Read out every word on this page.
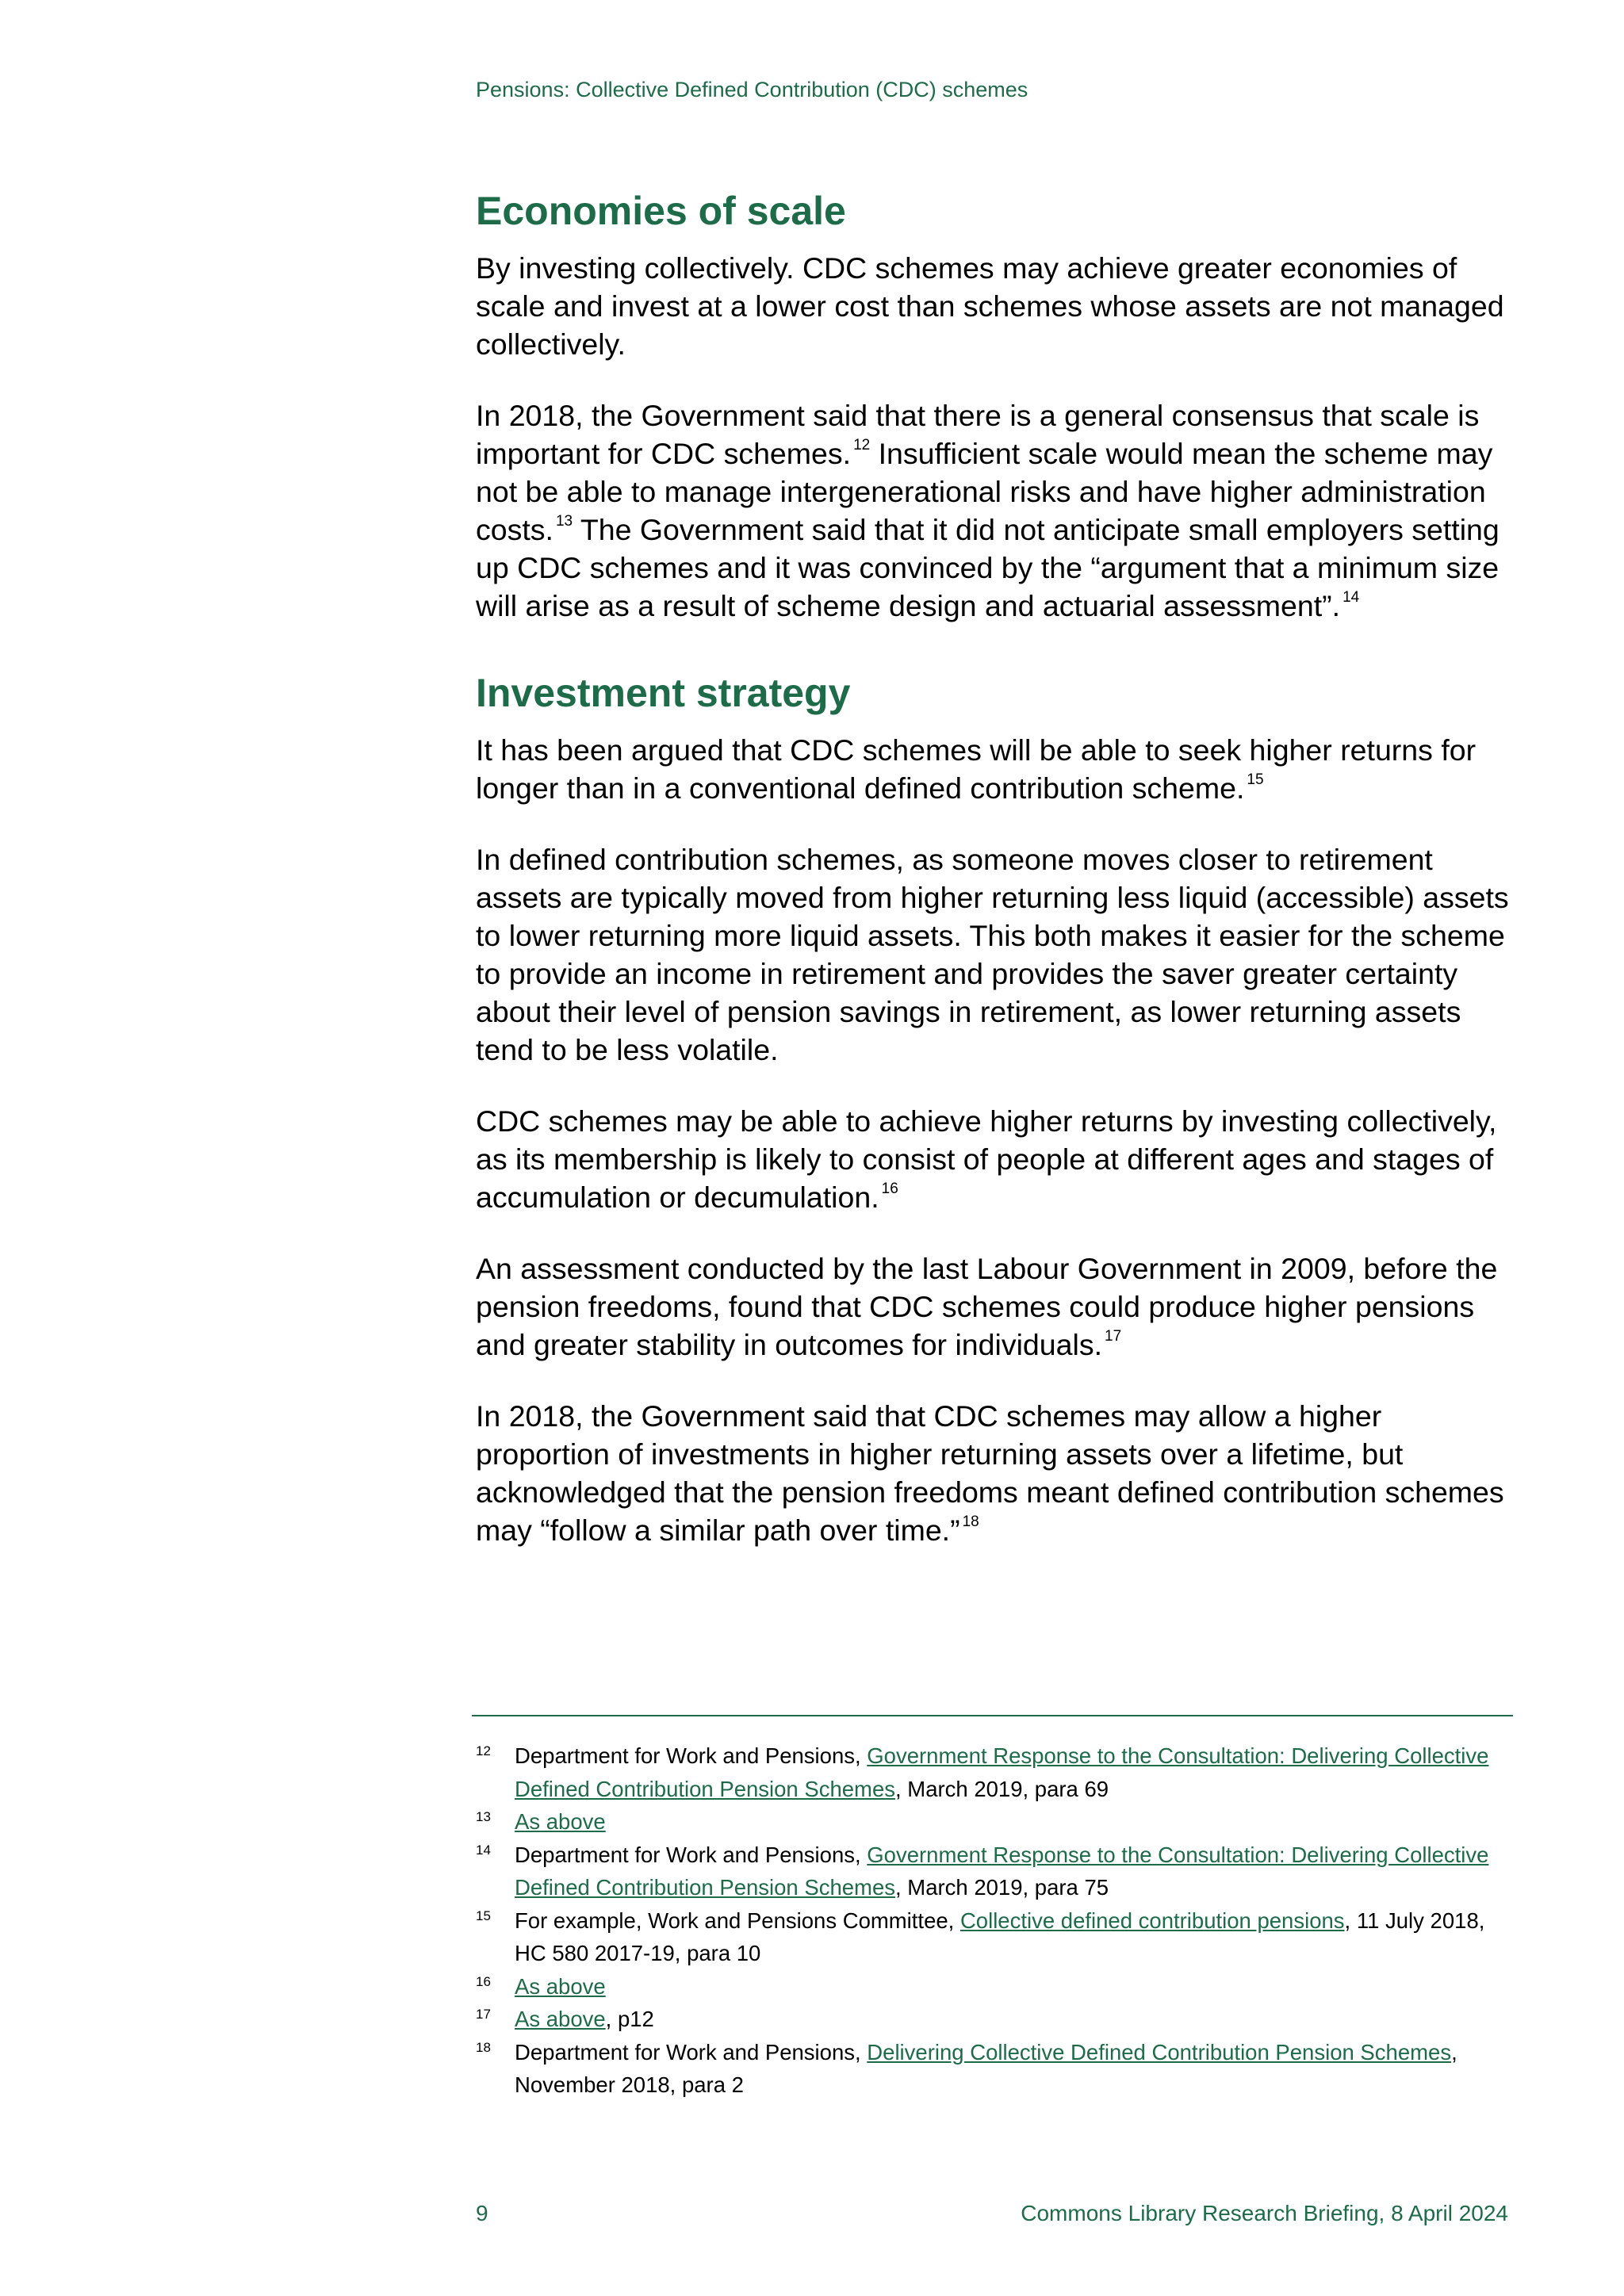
Pensions: Collective Defined Contribution (CDC) schemes
Economies of scale

By investing collectively. CDC schemes may achieve greater economies of scale and invest at a lower cost than schemes whose assets are not managed collectively.

In 2018, the Government said that there is a general consensus that scale is important for CDC schemes. $^{12}$ Insufficient scale would mean the scheme may not be able to manage intergenerational risks and have higher administration costs. $^{13}$ The Government said that it did not anticipate small employers setting up CDC schemes and it was convinced by the “argument that a minimum size will arise as a result of scheme design and actuarial assessment”. $^{14}$

Investment strategy

It has been argued that CDC schemes will be able to seek higher returns for longer than in a conventional defined contribution scheme. $^{15}$

In defined contribution schemes, as someone moves closer to retirement assets are typically moved from higher returning less liquid (accessible) assets to lower returning more liquid assets. This both makes it easier for the scheme to provide an income in retirement and provides the saver greater certainty about their level of pension savings in retirement, as lower returning assets tend to be less volatile.

CDC schemes may be able to achieve higher returns by investing collectively, as its membership is likely to consist of people at different ages and stages of accumulation or decumulation. $^{16}$

An assessment conducted by the last Labour Government in 2009, before the pension freedoms, found that CDC schemes could produce higher pensions and greater stability in outcomes for individuals. $^{17}$

In 2018, the Government said that CDC schemes may allow a higher proportion of investments in higher returning assets over a lifetime, but acknowledged that the pension freedoms meant defined contribution schemes may “follow a similar path over time.” $^{18}$

12	Department for Work and Pensions, Government Response to the Consultation: Delivering Collective Defined Contribution Pension Schemes, March 2019, para 69
13	As above
14	Department for Work and Pensions, Government Response to the Consultation: Delivering Collective Defined Contribution Pension Schemes, March 2019, para 75
15	For example, Work and Pensions Committee, Collective defined contribution pensions, 11 July 2018, HC 580 2017-19, para 10
16	As above
17	As above, p12
18	Department for Work and Pensions, Delivering Collective Defined Contribution Pension Schemes, November 2018, para 2
9	Commons Library Research Briefing, 8 April 2024
